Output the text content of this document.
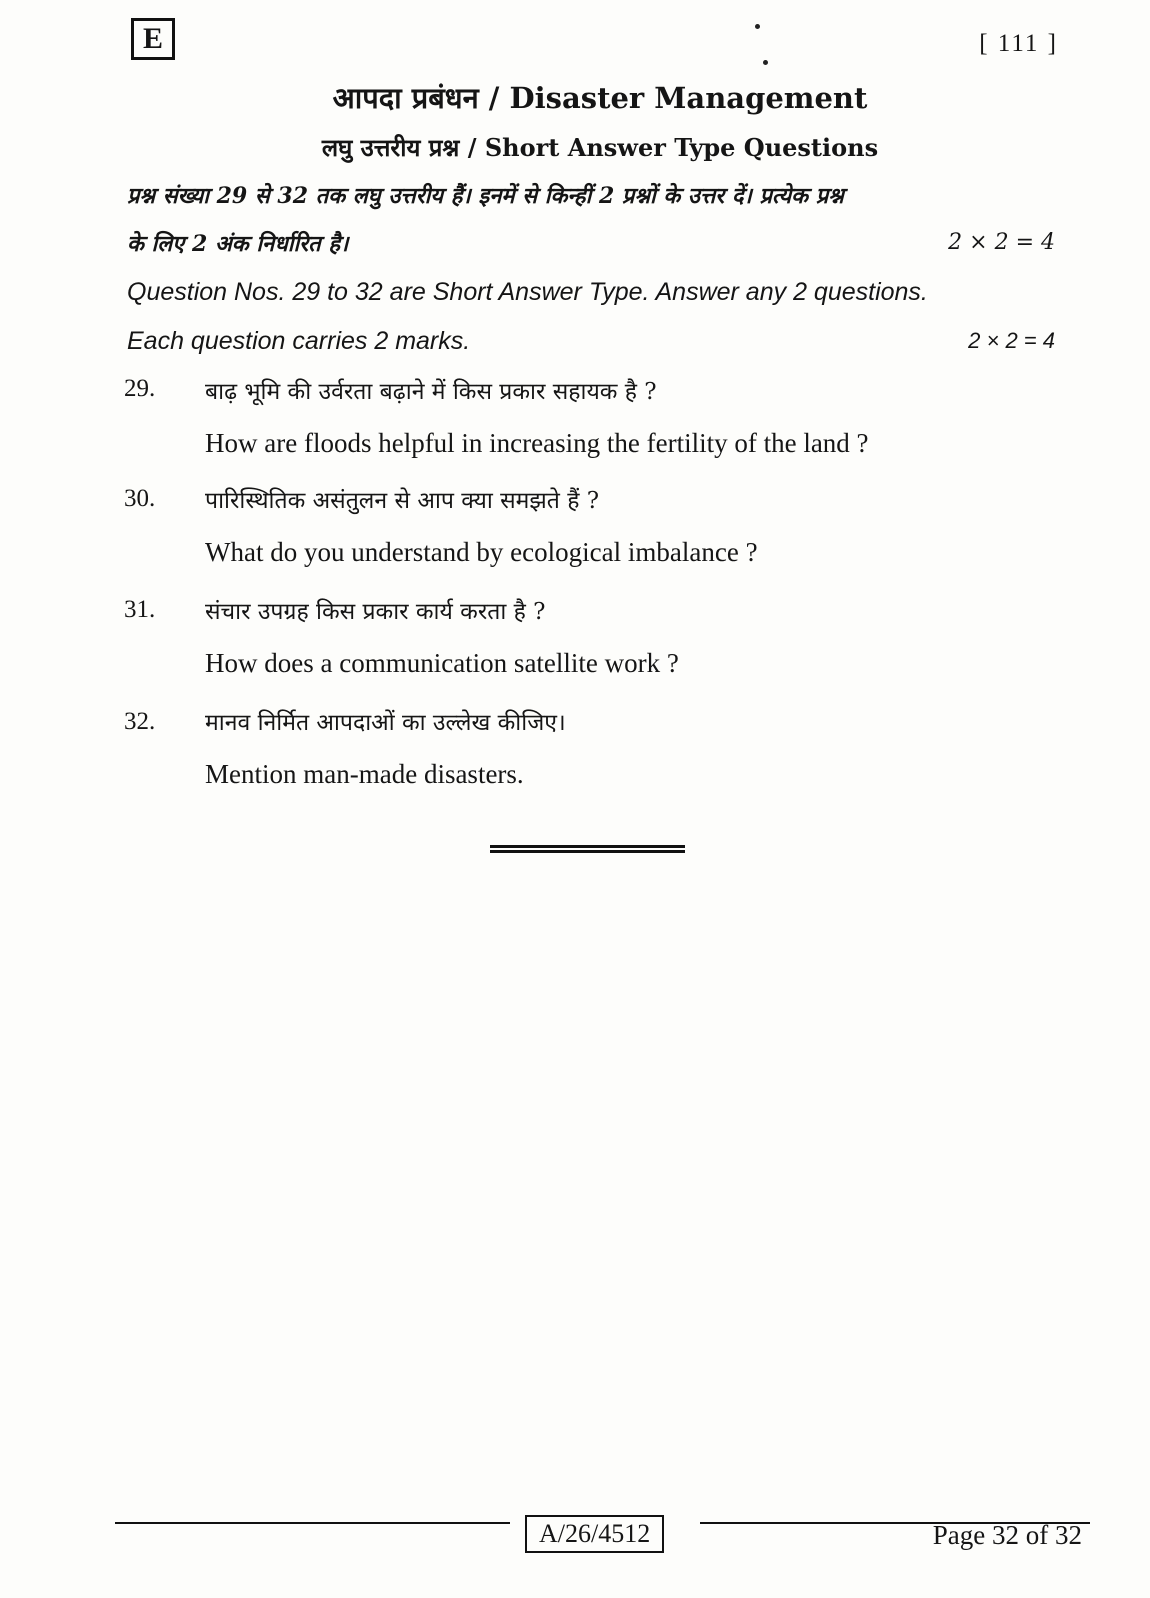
E	[ 111 ]
आपदा प्रबंधन / Disaster Management
लघु उत्तरीय प्रश्न / Short Answer Type Questions
प्रश्न संख्या 29 से 32 तक लघु उत्तरीय हैं। इनमें से किन्हीं 2 प्रश्नों के उत्तर दें। प्रत्येक प्रश्न
के लिए 2 अंक निर्धारित है।	2 × 2 = 4
Question Nos. 29 to 32 are Short Answer Type. Answer any 2 questions.
Each question carries 2 marks.	2 × 2 = 4
29. बाढ़ भूमि की उर्वरता बढ़ाने में किस प्रकार सहायक है ?
How are floods helpful in increasing the fertility of the land ?
30. पारिस्थितिक असंतुलन से आप क्या समझते हैं ?
What do you understand by ecological imbalance ?
31. संचार उपग्रह किस प्रकार कार्य करता है ?
How does a communication satellite work ?
32. मानव निर्मित आपदाओं का उल्लेख कीजिए।
Mention man-made disasters.
A/26/4512	Page 32 of 32
